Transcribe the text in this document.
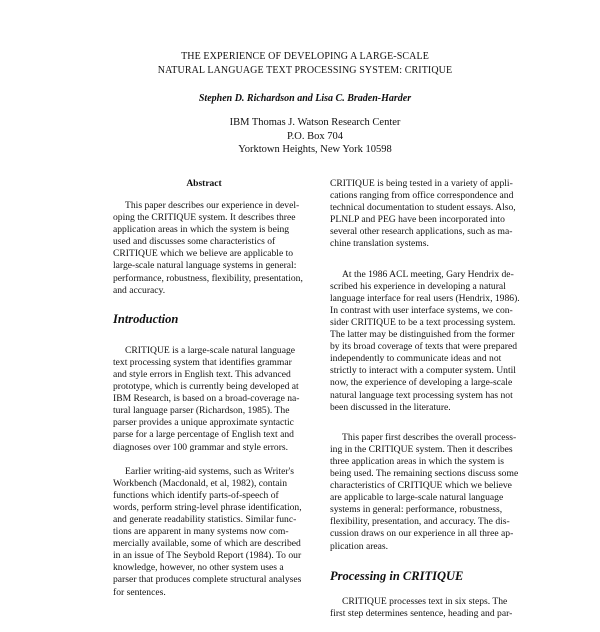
THE EXPERIENCE OF DEVELOPING A LARGE-SCALE
NATURAL LANGUAGE TEXT PROCESSING SYSTEM: CRITIQUE
Stephen D. Richardson and Lisa C. Braden-Harder
IBM Thomas J. Watson Research Center
P.O. Box 704
Yorktown Heights, New York 10598
Abstract
This paper describes our experience in devel-
oping the CRITIQUE system. It describes three
application areas in which the system is being
used and discusses some characteristics of
CRITIQUE which we believe are applicable to
large-scale natural language systems in general:
performance, robustness, flexibility, presentation,
and accuracy.
Introduction
CRITIQUE is a large-scale natural language
text processing system that identifies grammar
and style errors in English text. This advanced
prototype, which is currently being developed at
IBM Research, is based on a broad-coverage na-
tural language parser (Richardson, 1985). The
parser provides a unique approximate syntactic
parse for a large percentage of English text and
diagnoses over 100 grammar and style errors.
Earlier writing-aid systems, such as Writer's
Workbench (Macdonald, et al, 1982), contain
functions which identify parts-of-speech of
words, perform string-level phrase identification,
and generate readability statistics. Similar func-
tions are apparent in many systems now com-
mercially available, some of which are described
in an issue of The Seybold Report (1984). To our
knowledge, however, no other system uses a
parser that produces complete structural analyses
for sentences.
CRITIQUE is being tested in a variety of appli-
cations ranging from office correspondence and
technical documentation to student essays. Also,
PLNLP and PEG have been incorporated into
several other research applications, such as ma-
chine translation systems.
At the 1986 ACL meeting, Gary Hendrix de-
scribed his experience in developing a natural
language interface for real users (Hendrix, 1986).
In contrast with user interface systems, we con-
sider CRITIQUE to be a text processing system.
The latter may be distinguished from the former
by its broad coverage of texts that were prepared
independently to communicate ideas and not
strictly to interact with a computer system. Until
now, the experience of developing a large-scale
natural language text processing system has not
been discussed in the literature.
This paper first describes the overall process-
ing in the CRITIQUE system. Then it describes
three application areas in which the system is
being used. The remaining sections discuss some
characteristics of CRITIQUE which we believe
are applicable to large-scale natural language
systems in general: performance, robustness,
flexibility, presentation, and accuracy. The dis-
cussion draws on our experience in all three ap-
plication areas.
Processing in CRITIQUE
CRITIQUE processes text in six steps. The
first step determines sentence, heading and par-
